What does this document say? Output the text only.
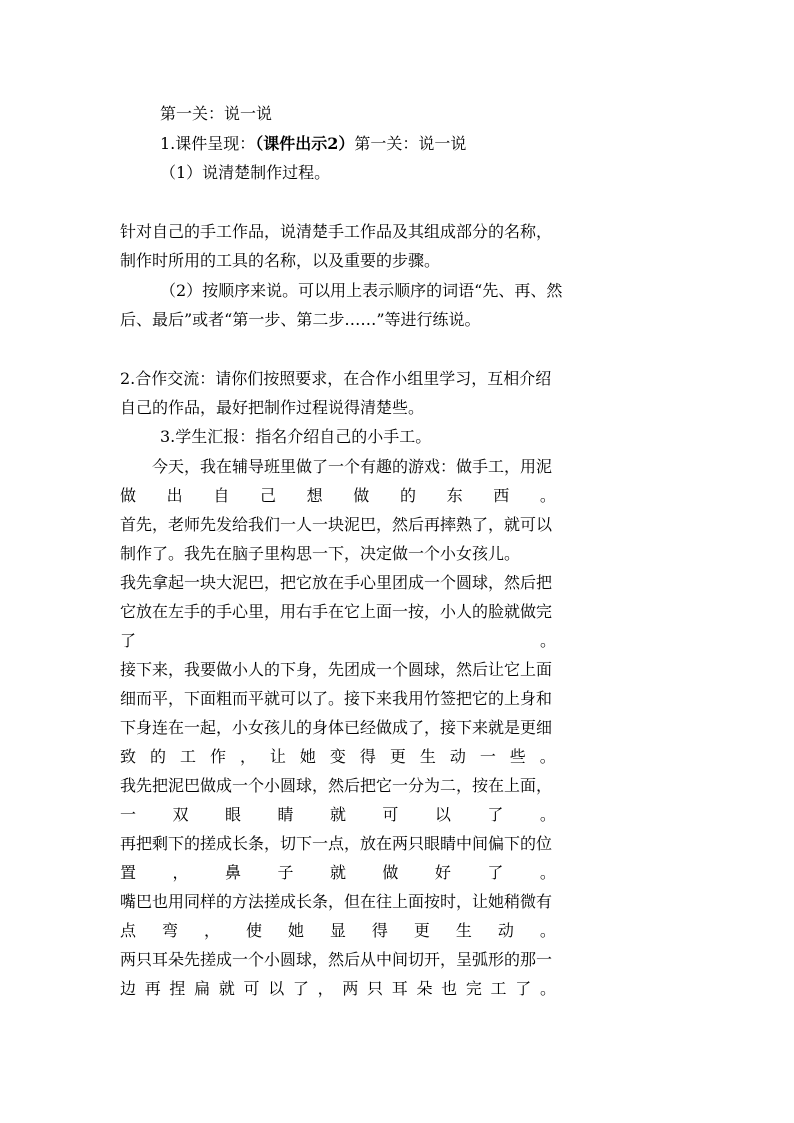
第一关：说一说
1.课件呈现：（课件出示2）第一关：说一说
（1）说清楚制作过程。
针对自己的手工作品，说清楚手工作品及其组成部分的名称，
制作时所用的工具的名称，以及重要的步骤。
（2）按顺序来说。可以用上表示顺序的词语“先、再、然
后、最后”或者“第一步、第二步……”等进行练说。
2.合作交流：请你们按照要求，在合作小组里学习，互相介绍
自己的作品，最好把制作过程说得清楚些。
3.学生汇报：指名介绍自己的小手工。
今天，我在辅导班里做了一个有趣的游戏：做手工，用泥
做 出 自 己 想 做 的 东 西 。
首先，老师先发给我们一人一块泥巴，然后再摔熟了，就可以
制作了。我先在脑子里构思一下，决定做一个小女孩儿。
我先拿起一块大泥巴，把它放在手心里团成一个圆球，然后把
它放在左手的手心里，用右手在它上面一按，小人的脸就做完
了	。
接下来，我要做小人的下身，先团成一个圆球，然后让它上面
细而平，下面粗而平就可以了。接下来我用竹签把它的上身和
下身连在一起，小女孩儿的身体已经做成了，接下来就是更细
致 的 工 作 ， 让 她 变 得 更 生 动 一 些 。
我先把泥巴做成一个小圆球，然后把它一分为二，按在上面，
一 双 眼 睛 就 可 以 了 。
再把剩下的搓成长条，切下一点，放在两只眼睛中间偏下的位
置 ， 鼻 子 就 做 好 了 。
嘴巴也用同样的方法搓成长条，但在往上面按时，让她稍微有
点 弯 ， 使 她 显 得 更 生 动 。
两只耳朵先搓成一个小圆球，然后从中间切开，呈弧形的那一
边 再 捏 扁 就 可 以 了 ， 两 只 耳 朵 也 完 工 了 。
